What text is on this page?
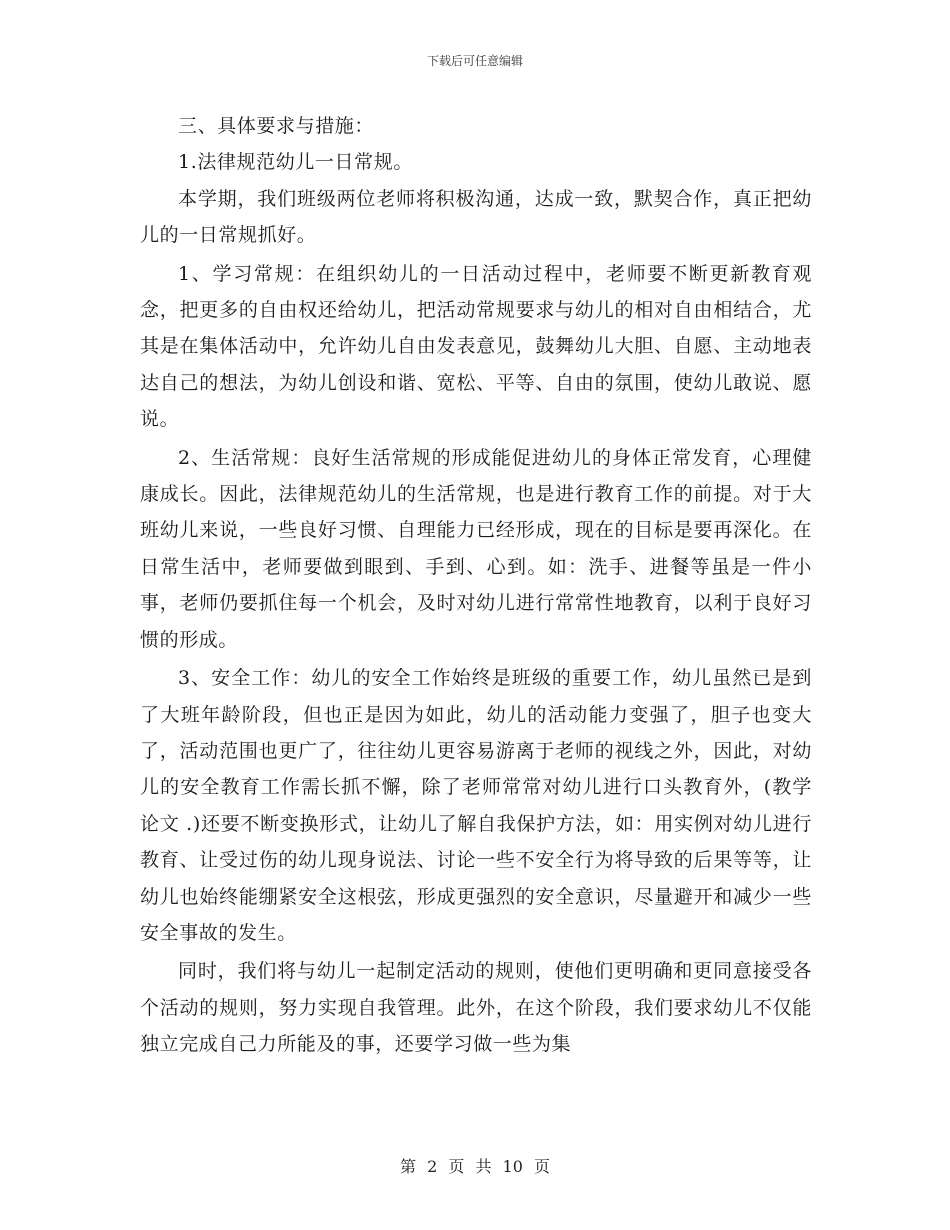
下载后可任意编辑

三、具体要求与措施：

1.法律规范幼儿一日常规。

本学期，我们班级两位老师将积极沟通，达成一致，默契合作，真正把幼儿的一日常规抓好。

1、学习常规：在组织幼儿的一日活动过程中，老师要不断更新教育观念，把更多的自由权还给幼儿，把活动常规要求与幼儿的相对自由相结合，尤其是在集体活动中，允许幼儿自由发表意见，鼓舞幼儿大胆、自愿、主动地表达自己的想法，为幼儿创设和谐、宽松、平等、自由的氛围，使幼儿敢说、愿说。

2、生活常规：良好生活常规的形成能促进幼儿的身体正常发育，心理健康成长。因此，法律规范幼儿的生活常规，也是进行教育工作的前提。对于大班幼儿来说，一些良好习惯、自理能力已经形成，现在的目标是要再深化。在日常生活中，老师要做到眼到、手到、心到。如：洗手、进餐等虽是一件小事，老师仍要抓住每一个机会，及时对幼儿进行常常性地教育，以利于良好习惯的形成。

3、安全工作：幼儿的安全工作始终是班级的重要工作，幼儿虽然已是到了大班年龄阶段，但也正是因为如此，幼儿的活动能力变强了，胆子也变大了，活动范围也更广了，往往幼儿更容易游离于老师的视线之外，因此，对幼儿的安全教育工作需长抓不懈，除了老师常常对幼儿进行口头教育外，(教学论文 .)还要不断变换形式，让幼儿了解自我保护方法，如：用实例对幼儿进行教育、让受过伤的幼儿现身说法、讨论一些不安全行为将导致的后果等等，让幼儿也始终能绷紧安全这根弦，形成更强烈的安全意识，尽量避开和减少一些安全事故的发生。

同时，我们将与幼儿一起制定活动的规则，使他们更明确和更同意接受各个活动的规则，努力实现自我管理。此外，在这个阶段，我们要求幼儿不仅能独立完成自己力所能及的事，还要学习做一些为集

第 2 页 共 10 页
